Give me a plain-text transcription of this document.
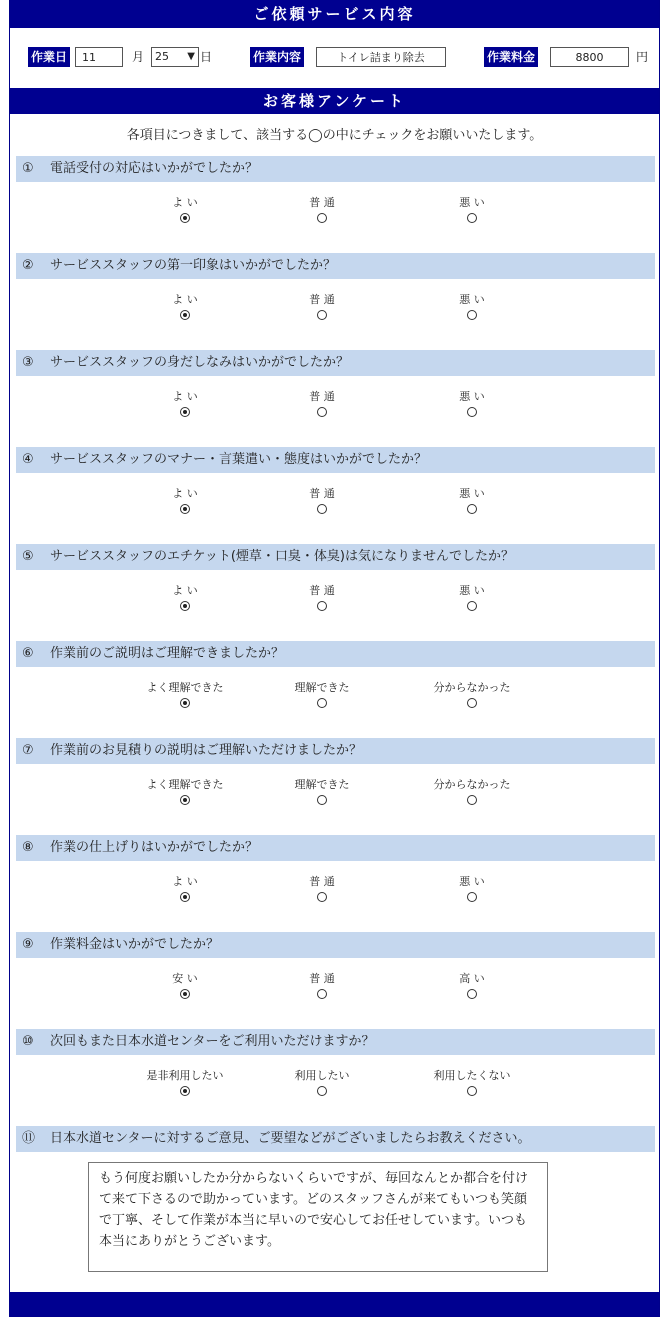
ご依頼サービス内容
作業日	11	月 25 ▼ 日	作業内容	トイレ詰まり除去	作業料金	8800	円
お客様アンケート
各項目につきまして、該当する◯の中にチェックをお願いいたします。
① 電話受付の対応はいかがでしたか？
よ い	普 通	悪 い
② サービススタッフの第一印象はいかがでしたか？
よ い	普 通	悪 い
③ サービススタッフの身だしなみはいかがでしたか？
よ い	普 通	悪 い
④ サービススタッフのマナー・言葉遣い・態度はいかがでしたか？
よ い	普 通	悪 い
⑤ サービススタッフのエチケット(煙草・口臭・体臭)は気になりませんでしたか？
よ い	普 通	悪 い
⑥ 作業前のご説明はご理解できましたか？
よく理解できた	理解できた	分からなかった
⑦ 作業前のお見積りの説明はご理解いただけましたか？
よく理解できた	理解できた	分からなかった
⑧ 作業の仕上げりはいかがでしたか？
よ い	普 通	悪 い
⑨ 作業料金はいかがでしたか？
安 い	普 通	高 い
⑩ 次回もまた日本水道センターをご利用いただけますか？
是非利用したい	利用したい	利用したくない
⑪ 日本水道センターに対するご意見、ご要望などがございましたらお教えください。
もう何度お願いしたか分からないくらいですが、毎回なんとか都合を付けて来て下さるので助かっています。どのスタッフさんが来てもいつも笑顔で丁寧、そして作業が本当に早いので安心してお任せしています。いつも本当にありがとうございます。
